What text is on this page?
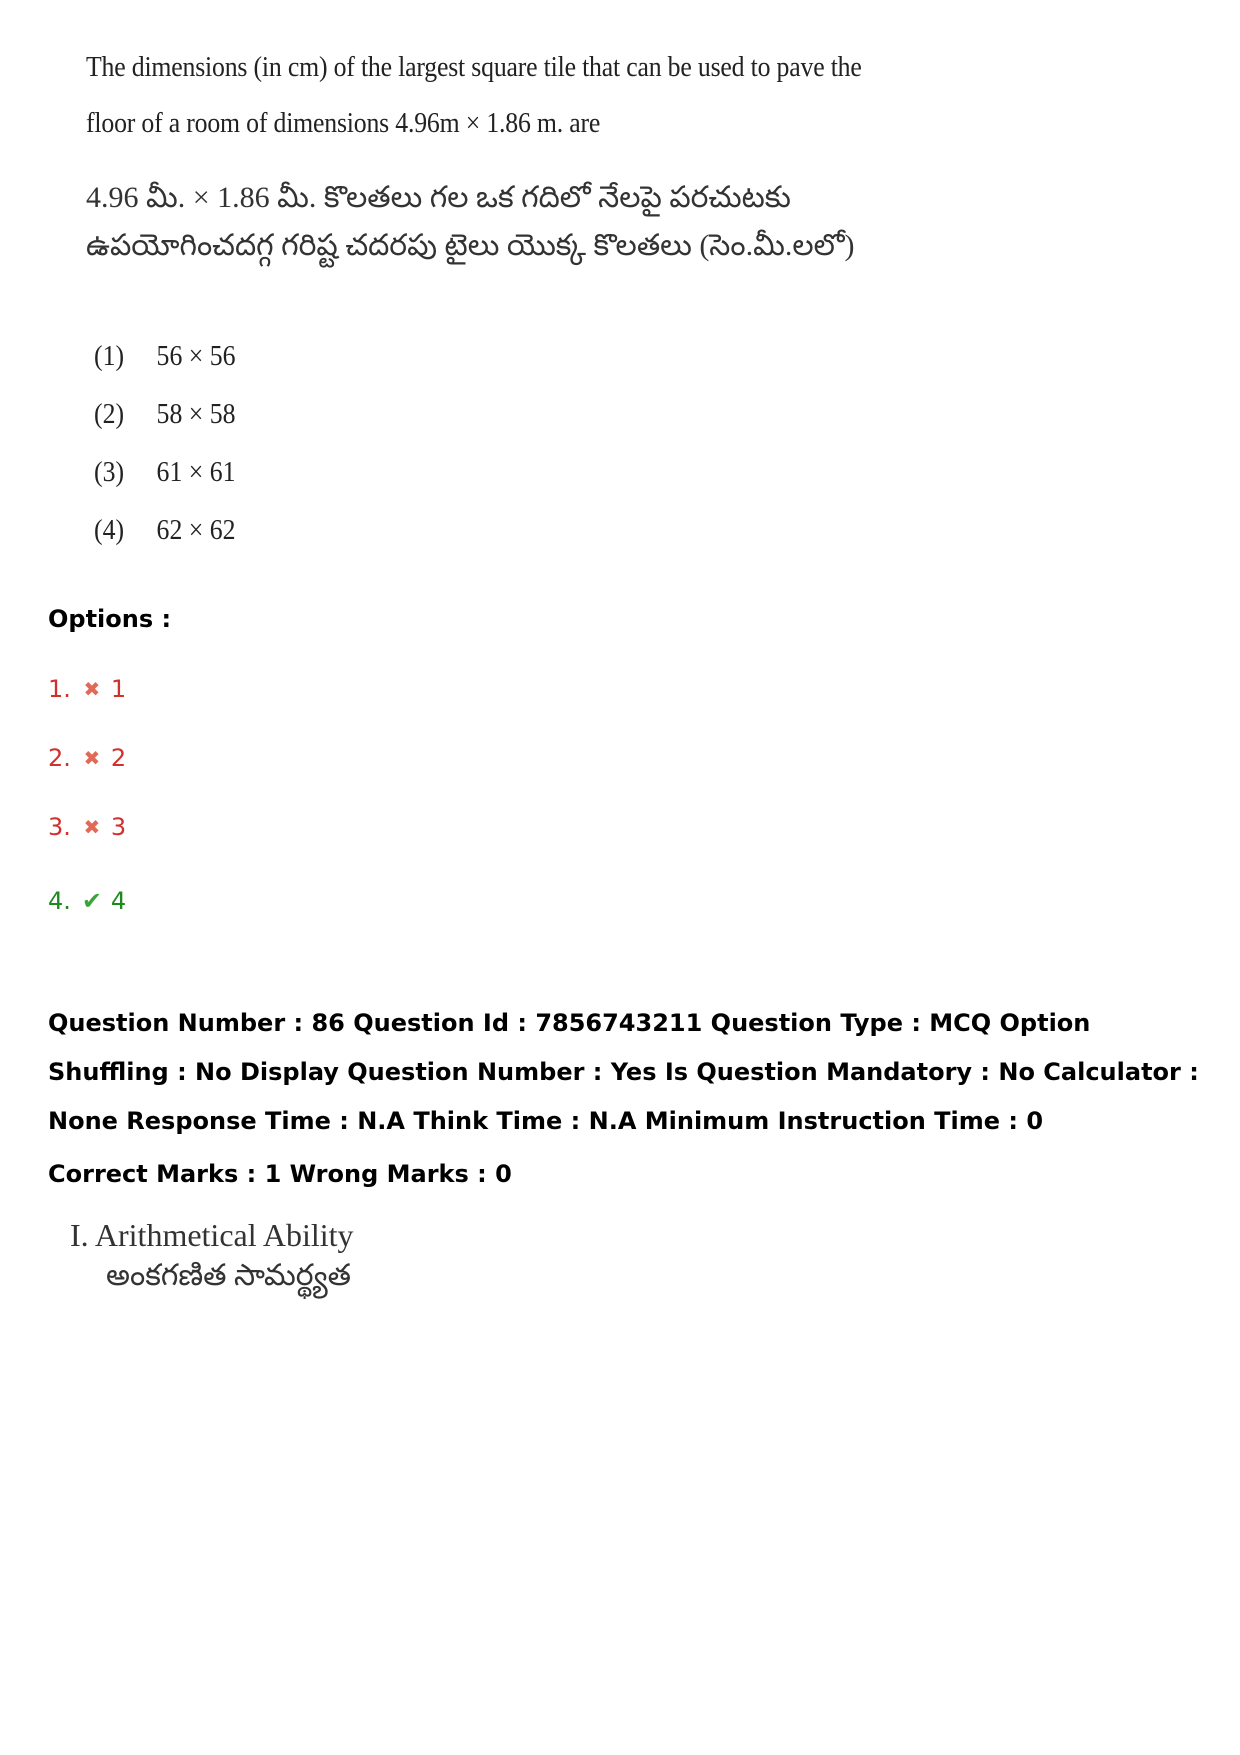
The dimensions (in cm) of the largest square tile that can be used to pave the floor of a room of dimensions 4.96m × 1.86 m. are
4.96 మీ. × 1.86 మీ. కొలతలు గల ఒక గదిలో నేలపై పరచుటకు ఉపయోగించదగ్గ గరిష్ట చదరపు టైలు యొక్క కొలతలు (సెం.మీ.లలో)
(1)	56 × 56
(2)	58 × 58
(3)	61 × 61
(4)	62 × 62
Options :
1. ✖ 1
2. ✖ 2
3. ✖ 3
4. ✔ 4
Question Number : 86 Question Id : 7856743211 Question Type : MCQ Option Shuffling : No Display Question Number : Yes Is Question Mandatory : No Calculator : None Response Time : N.A Think Time : N.A Minimum Instruction Time : 0
Correct Marks : 1 Wrong Marks : 0
I. Arithmetical Ability
అంకగణిత సామర్థ్యత
